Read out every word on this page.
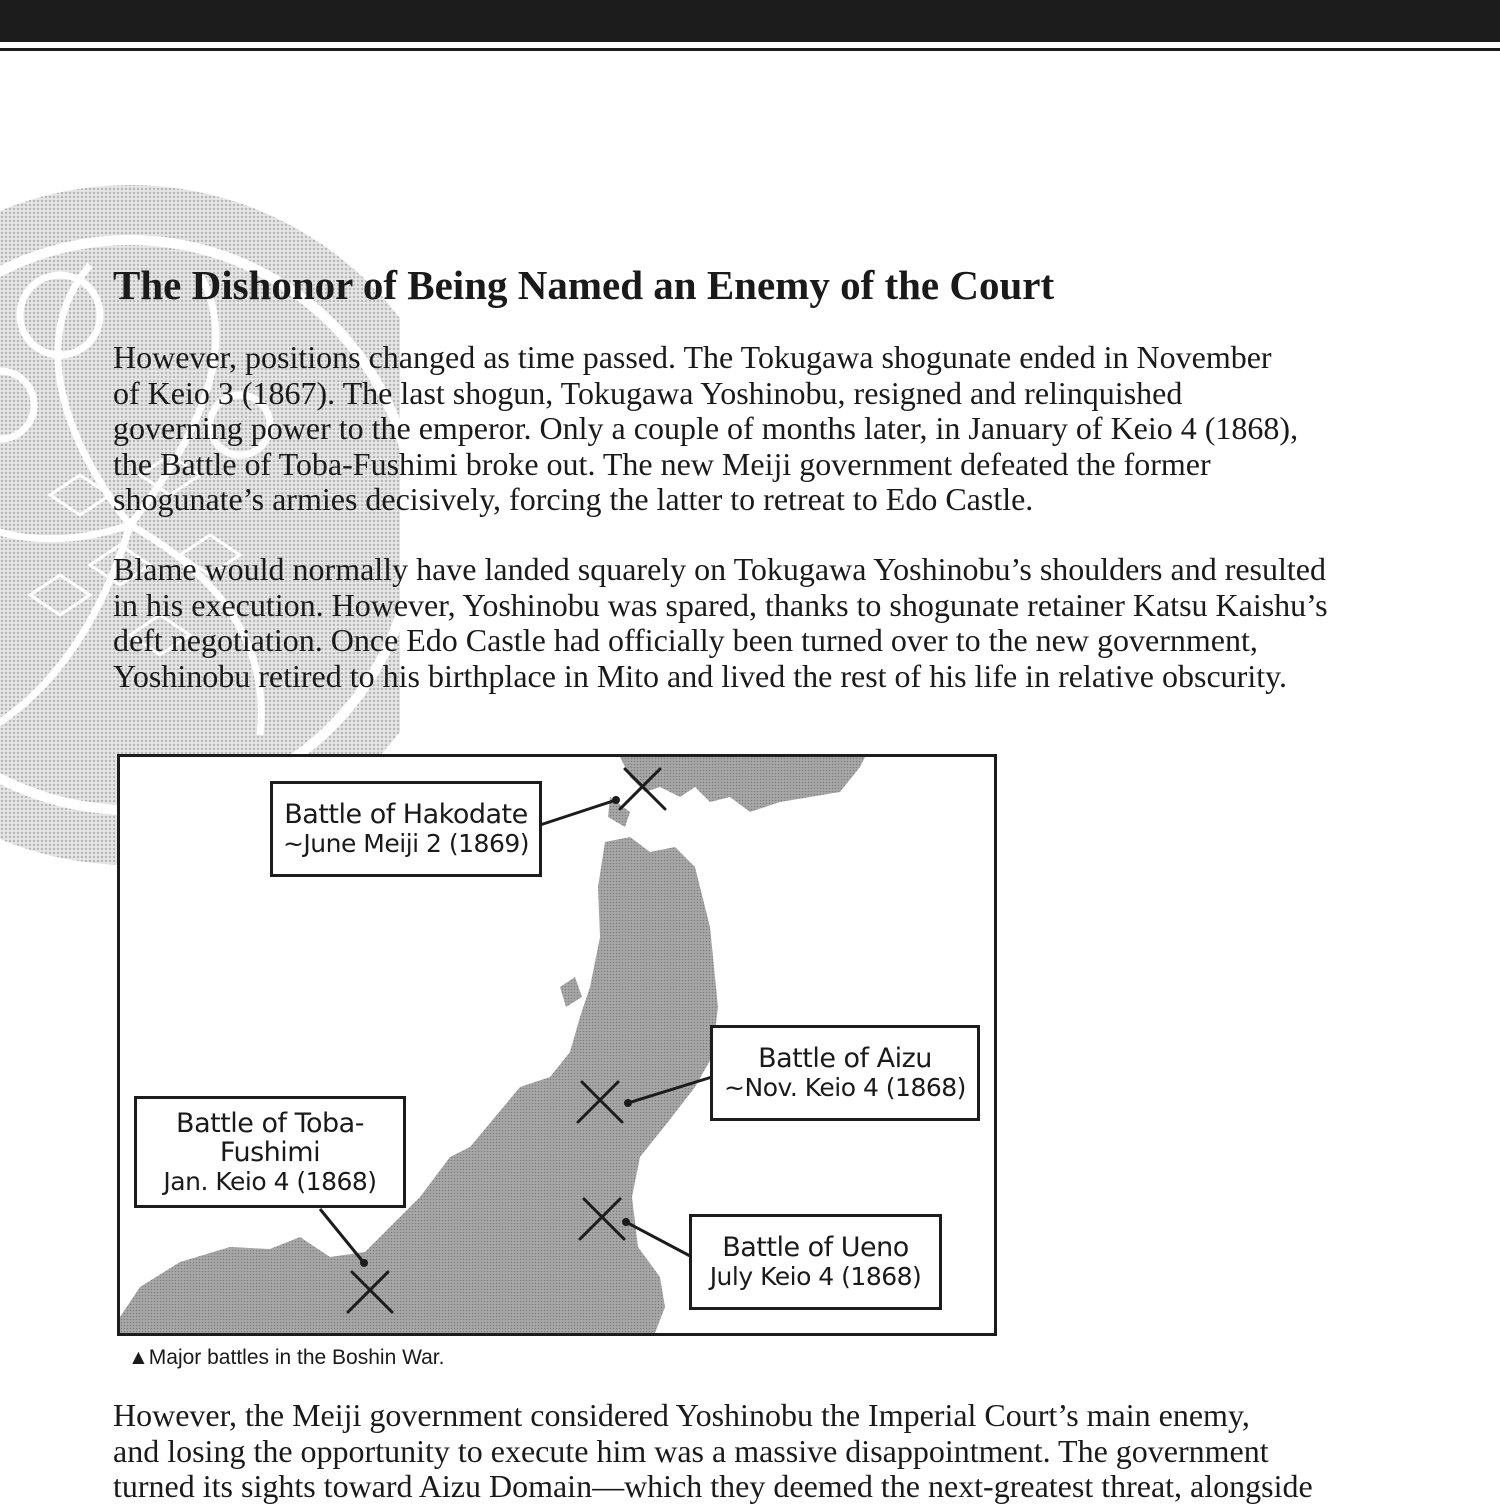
The Dishonor of Being Named an Enemy of the Court

However, positions changed as time passed. The Tokugawa shogunate ended in November
of Keio 3 (1867). The last shogun, Tokugawa Yoshinobu, resigned and relinquished
governing power to the emperor. Only a couple of months later, in January of Keio 4 (1868),
the Battle of Toba-Fushimi broke out. The new Meiji government defeated the former
shogunate’s armies decisively, forcing the latter to retreat to Edo Castle.

Blame would normally have landed squarely on Tokugawa Yoshinobu’s shoulders and resulted
in his execution. However, Yoshinobu was spared, thanks to shogunate retainer Katsu Kaishu’s
deft negotiation. Once Edo Castle had officially been turned over to the new government,
Yoshinobu retired to his birthplace in Mito and lived the rest of his life in relative obscurity.

Battle of Hakodate
~June Meiji 2 (1869)
Battle of Aizu
~Nov. Keio 4 (1868)
Battle of Toba-
Fushimi
Jan. Keio 4 (1868)
Battle of Ueno
July Keio 4 (1868)
▲Major battles in the Boshin War.

However, the Meiji government considered Yoshinobu the Imperial Court’s main enemy,
and losing the opportunity to execute him was a massive disappointment. The government
turned its sights toward Aizu Domain—which they deemed the next-greatest threat, alongside
